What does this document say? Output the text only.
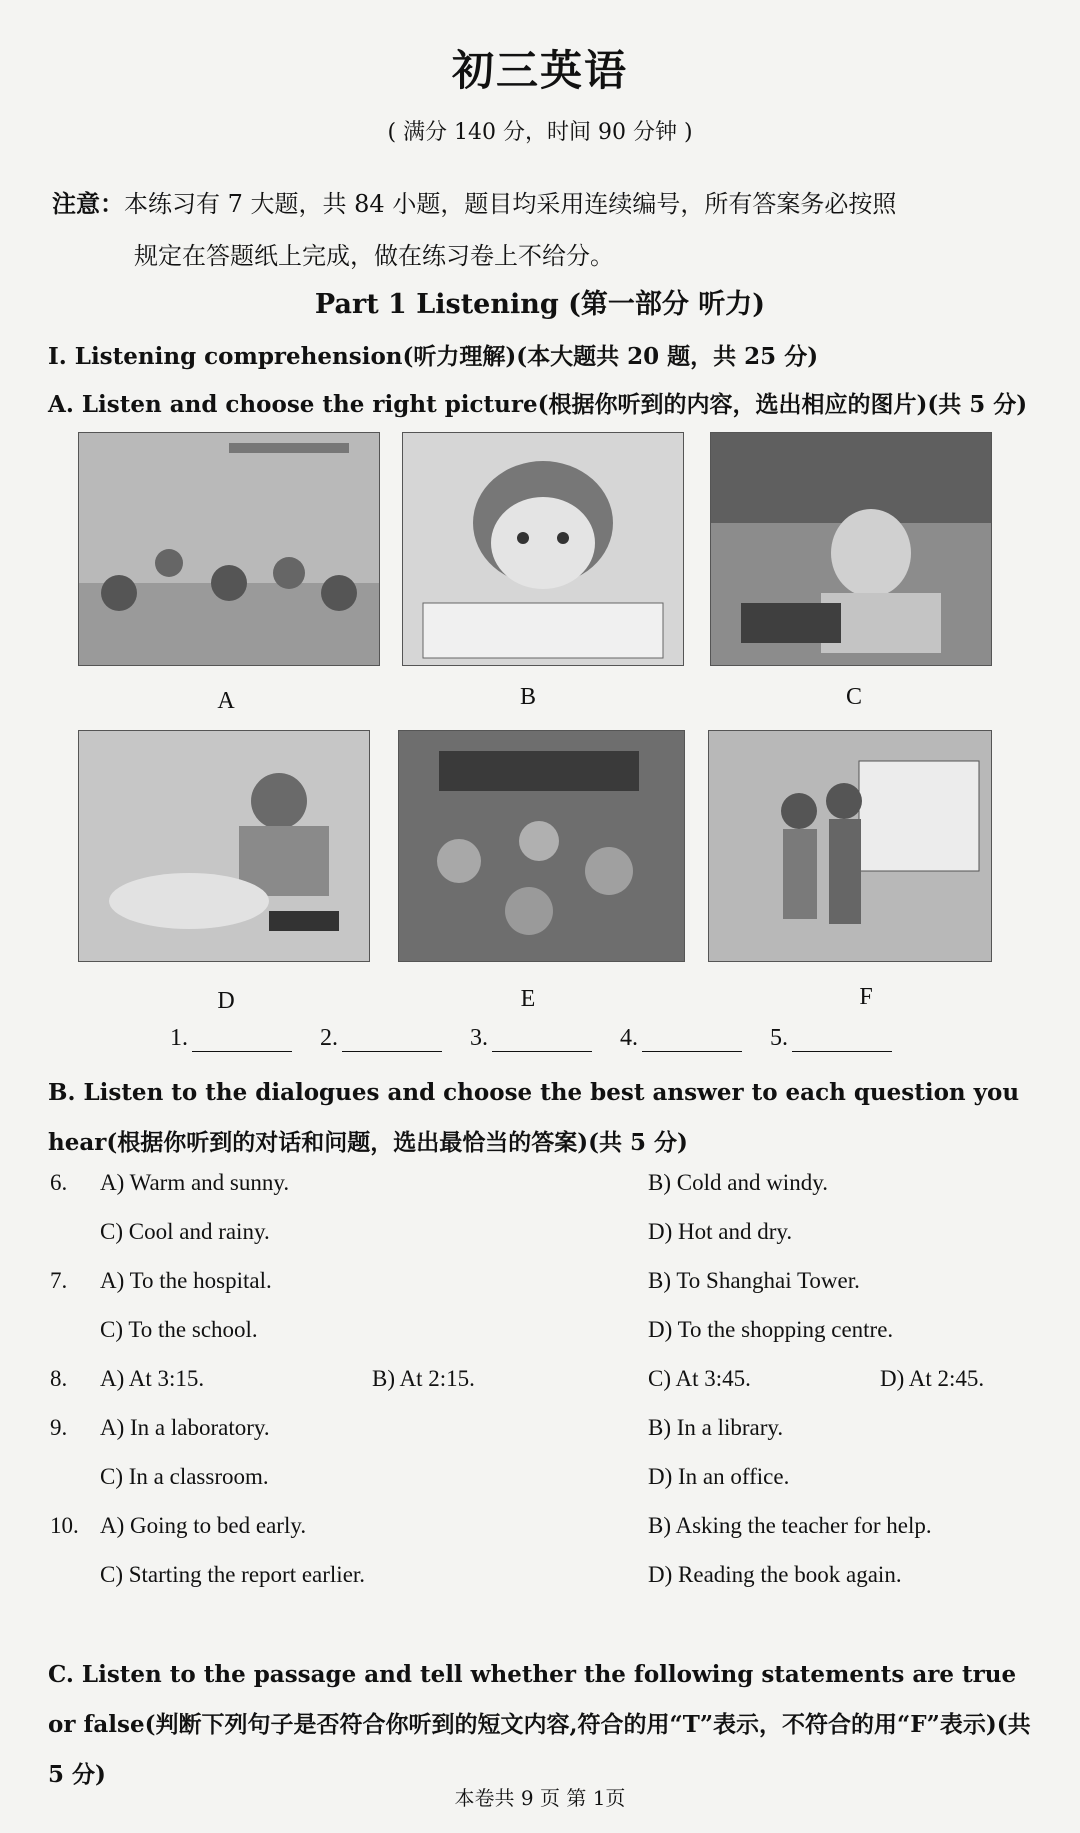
初三英语
( 满分 140 分，时间 90 分钟 )
注意：本练习有 7 大题，共 84 小题，题目均采用连续编号，所有答案务必按照
规定在答题纸上完成，做在练习卷上不给分。
Part 1 Listening (第一部分 听力)
I. Listening comprehension(听力理解)(本大题共 20 题，共 25 分)
A. Listen and choose the right picture(根据你听到的内容，选出相应的图片)(共 5 分)
A	B	C
D	E	F
1.	2.	3.	4.	5.
B. Listen to the dialogues and choose the best answer to each question you hear(根据你听到的对话和问题，选出最恰当的答案)(共 5 分)
6. A) Warm and sunny.	B) Cold and windy.
C) Cool and rainy.	D) Hot and dry.
7. A) To the hospital.	B) To Shanghai Tower.
C) To the school.	D) To the shopping centre.
8. A) At 3:15.	B) At 2:15.	C) At 3:45.	D) At 2:45.
9. A) In a laboratory.	B) In a library.
C) In a classroom.	D) In an office.
10. A) Going to bed early.	B) Asking the teacher for help.
C) Starting the report earlier.	D) Reading the book again.
C. Listen to the passage and tell whether the following statements are true or false(判断下列句子是否符合你听到的短文内容,符合的用“T”表示，不符合的用“F”表示)(共 5 分)
本卷共 9 页 第 1页
